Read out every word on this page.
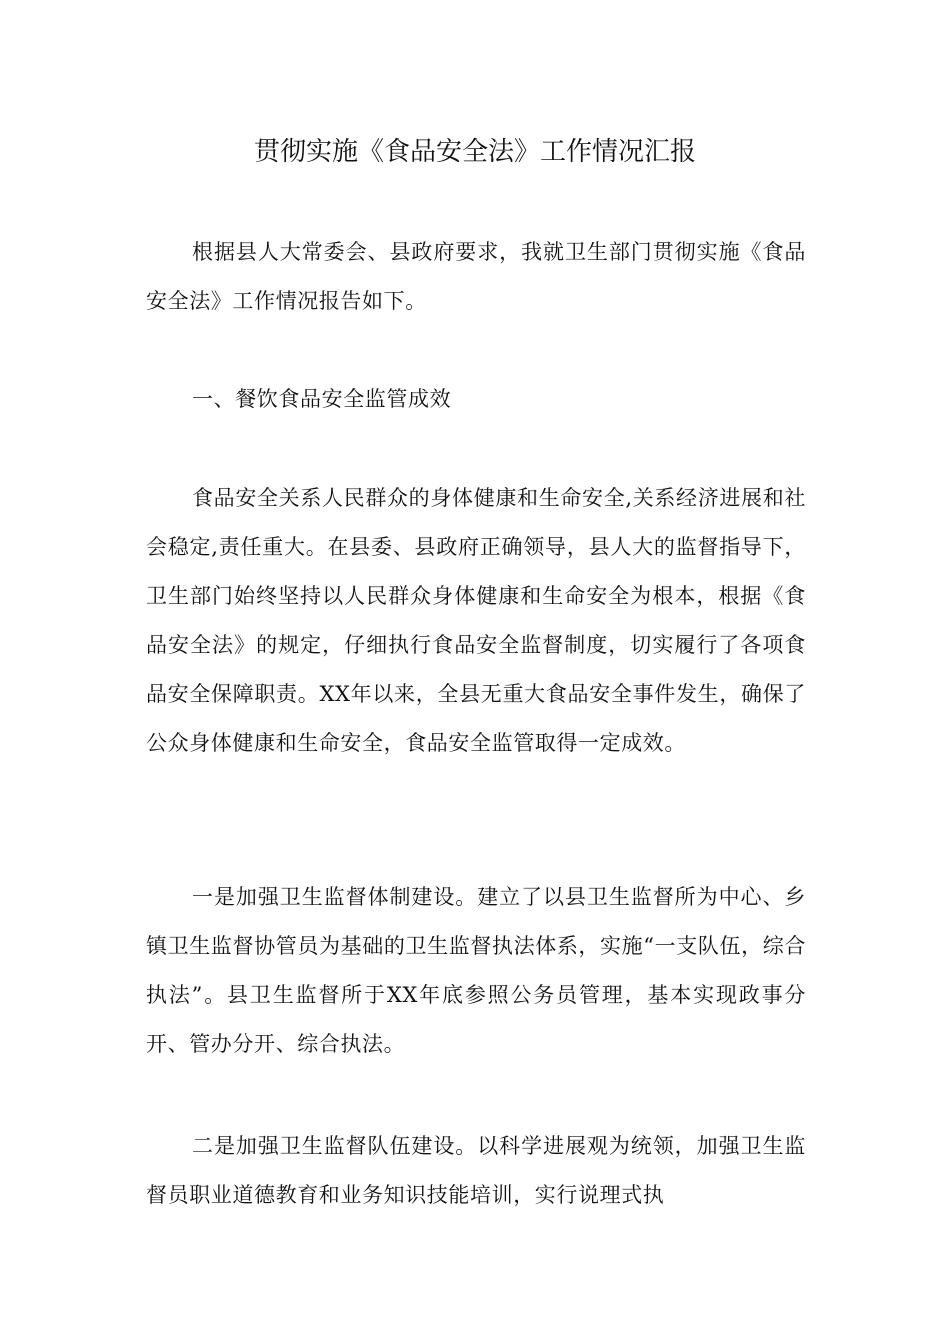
贯彻实施《食品安全法》工作情况汇报

根据县人大常委会、县政府要求，我就卫生部门贯彻实施《食品安全法》工作情况报告如下。

一、餐饮食品安全监管成效

食品安全关系人民群众的身体健康和生命安全,关系经济进展和社会稳定,责任重大。在县委、县政府正确领导，县人大的监督指导下，卫生部门始终坚持以人民群众身体健康和生命安全为根本，根据《食品安全法》的规定，仔细执行食品安全监督制度，切实履行了各项食品安全保障职责。XX年以来，全县无重大食品安全事件发生，确保了公众身体健康和生命安全，食品安全监管取得一定成效。

一是加强卫生监督体制建设。建立了以县卫生监督所为中心、乡镇卫生监督协管员为基础的卫生监督执法体系，实施“一支队伍，综合执法”。县卫生监督所于XX年底参照公务员管理，基本实现政事分开、管办分开、综合执法。

二是加强卫生监督队伍建设。以科学进展观为统领，加强卫生监督员职业道德教育和业务知识技能培训，实行说理式执
